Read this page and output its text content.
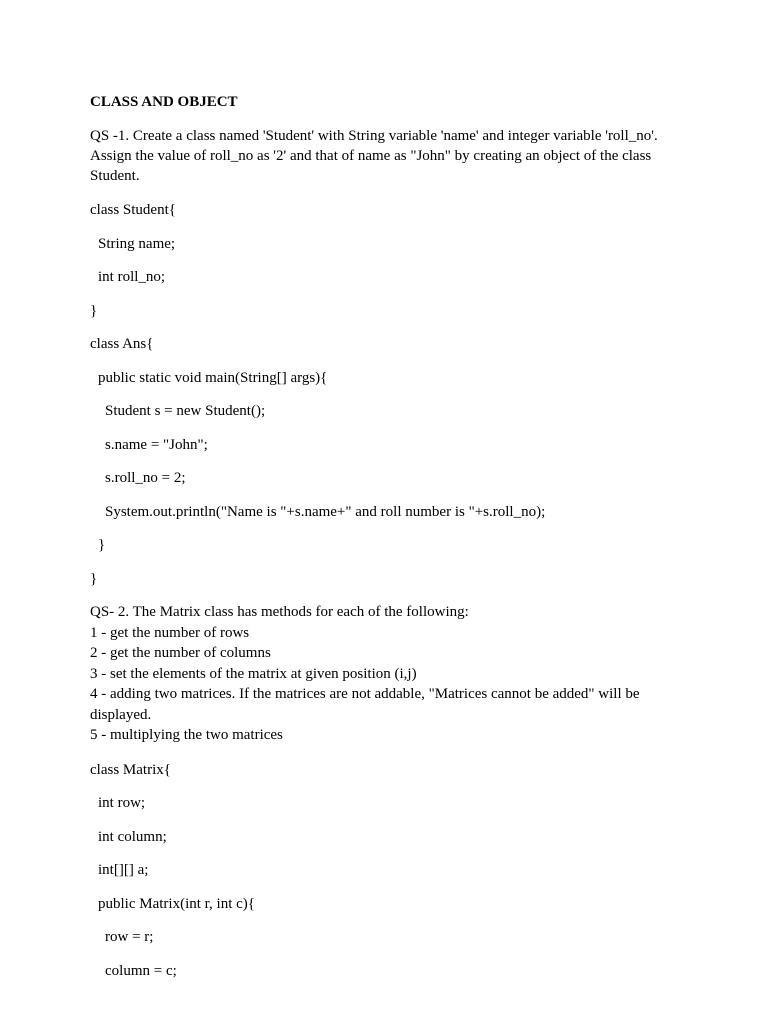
CLASS AND OBJECT
QS -1. Create a class named 'Student' with String variable 'name' and integer variable 'roll_no'. Assign the value of roll_no as '2' and that of name as "John" by creating an object of the class Student.
class Student{
String name;
int roll_no;
}
class Ans{
public static void main(String[] args){
Student s = new Student();
s.name = "John";
s.roll_no = 2;
System.out.println("Name is "+s.name+" and roll number is "+s.roll_no);
}
}
QS- 2. The Matrix class has methods for each of the following:
1 - get the number of rows
2 - get the number of columns
3 - set the elements of the matrix at given position (i,j)
4 - adding two matrices. If the matrices are not addable, "Matrices cannot be added" will be displayed.
5 - multiplying the two matrices
class Matrix{
int row;
int column;
int[][] a;
public Matrix(int r, int c){
row = r;
column = c;
